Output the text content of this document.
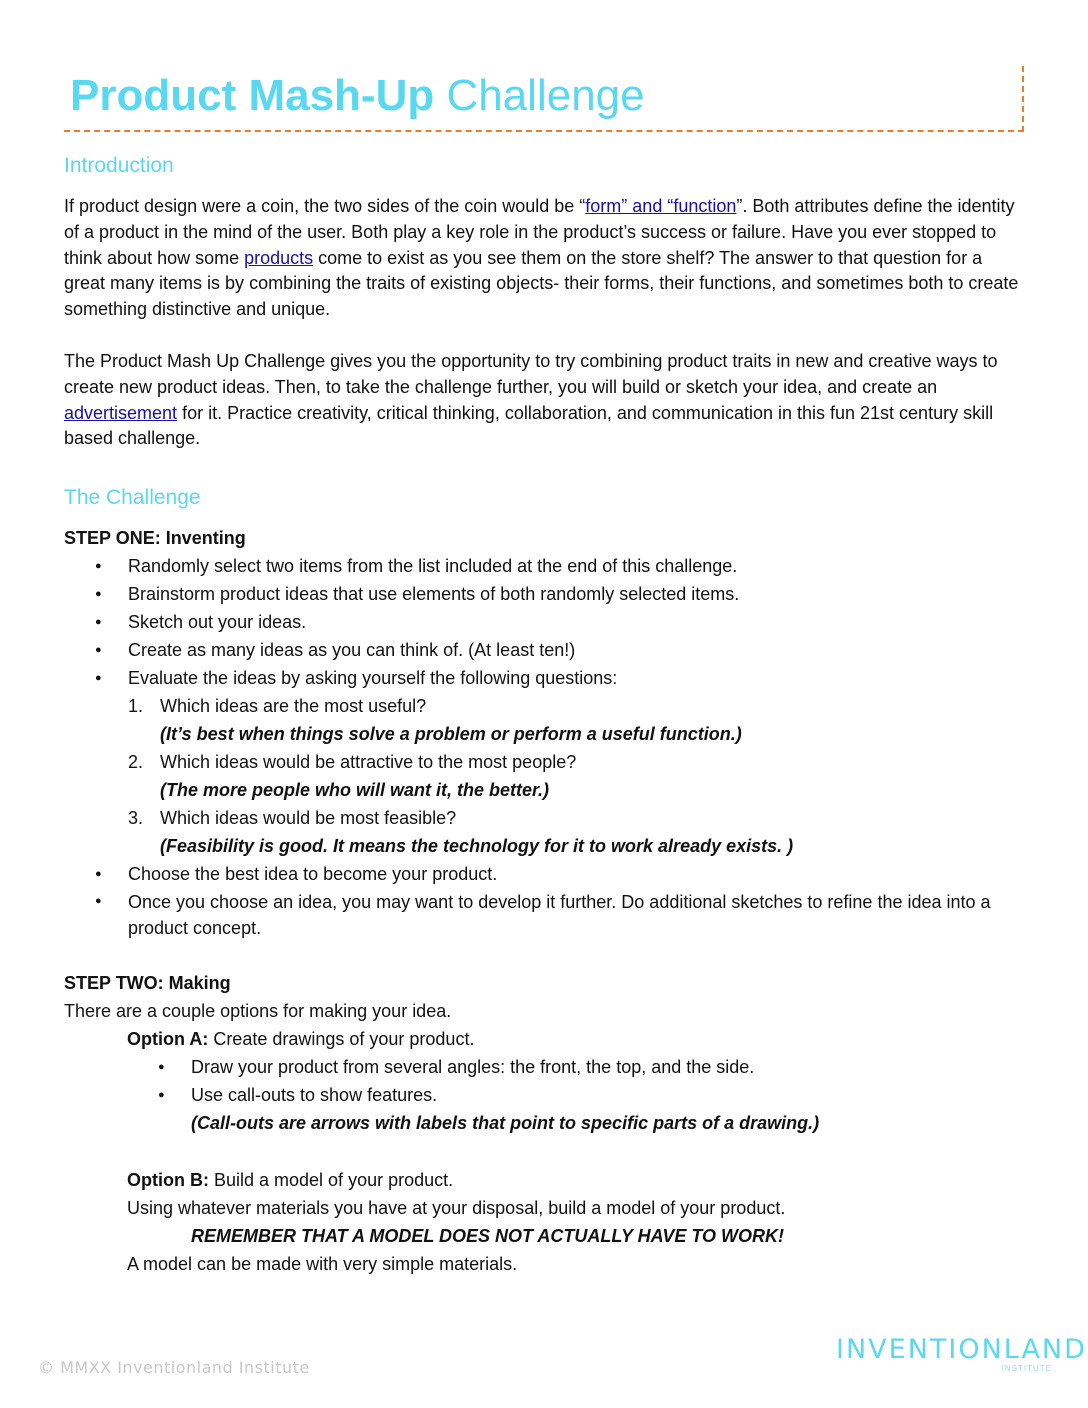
Product Mash-Up Challenge
Introduction

If product design were a coin, the two sides of the coin would be “form” and “function”. Both attributes define the identity of a product in the mind of the user. Both play a key role in the product’s success or failure. Have you ever stopped to think about how some products come to exist as you see them on the store shelf? The answer to that question for a great many items is by combining the traits of existing objects- their forms, their functions, and sometimes both to create something distinctive and unique.

The Product Mash Up Challenge gives you the opportunity to try combining product traits in new and creative ways to create new product ideas. Then, to take the challenge further, you will build or sketch your idea, and create an advertisement for it. Practice creativity, critical thinking, collaboration, and communication in this fun 21st century skill based challenge.

The Challenge
STEP ONE: Inventing
● Randomly select two items from the list included at the end of this challenge.
● Brainstorm product ideas that use elements of both randomly selected items.
● Sketch out your ideas.
● Create as many ideas as you can think of. (At least ten!)
● Evaluate the ideas by asking yourself the following questions:
1. Which ideas are the most useful?
(It’s best when things solve a problem or perform a useful function.)
2. Which ideas would be attractive to the most people?
(The more people who will want it, the better.)
3. Which ideas would be most feasible?
(Feasibility is good. It means the technology for it to work already exists. )
● Choose the best idea to become your product.
● Once you choose an idea, you may want to develop it further. Do additional sketches to refine the idea into a product concept.
STEP TWO: Making
There are a couple options for making your idea.
Option A: Create drawings of your product.
● Draw your product from several angles: the front, the top, and the side.
● Use call-outs to show features.
(Call-outs are arrows with labels that point to specific parts of a drawing.)
Option B: Build a model of your product.
Using whatever materials you have at your disposal, build a model of your product.
REMEMBER THAT A MODEL DOES NOT ACTUALLY HAVE TO WORK!
A model can be made with very simple materials.
© MMXX Inventionland Institute
INVENTIONLAND
INSTITUTE
